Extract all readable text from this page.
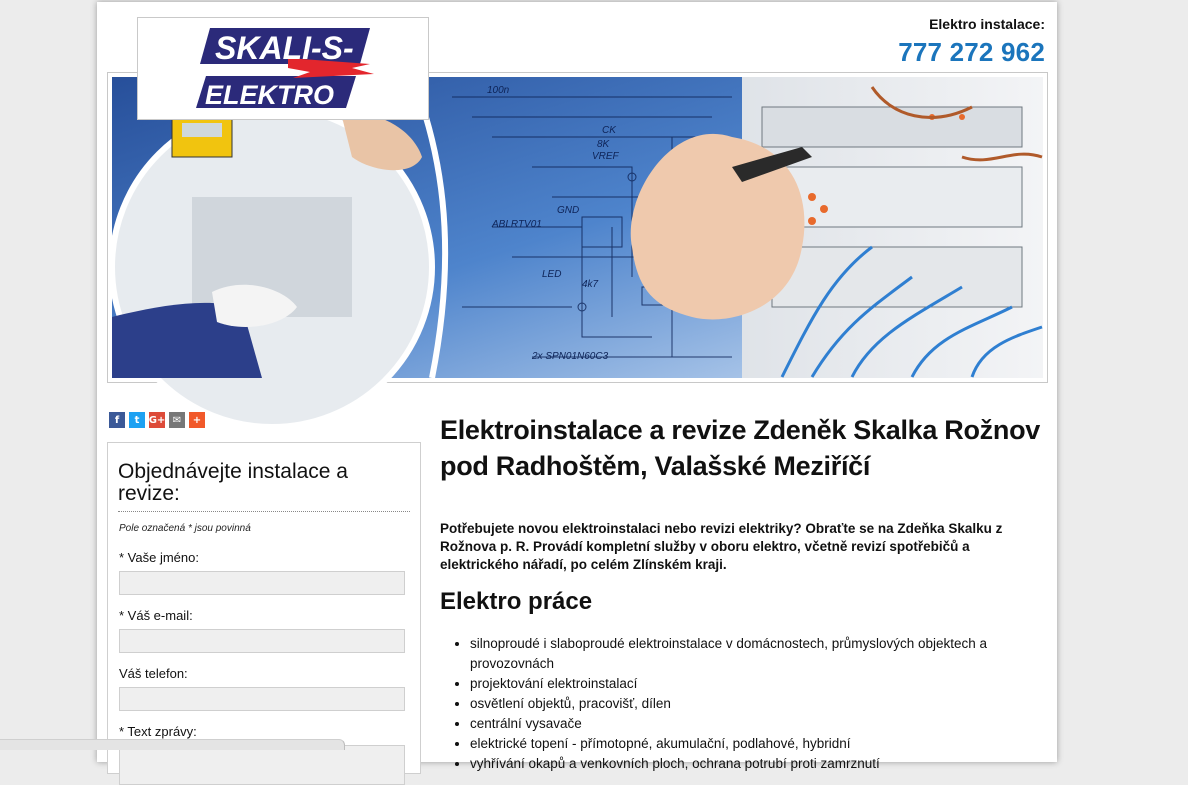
Elektro instalace:
777 272 962
100n
CK
8K
VREF
GND
ABLRTV01
LED
4k7
2x SPN01N60C3
SKALI-S-
ELEKTRO
f	t G+ ✉	+
Objednávejte instalace a revize:
Pole označená * jsou povinná
* Vaše jméno:
* Váš e-mail:
Váš telefon:
* Text zprávy:
Elektroinstalace a revize Zdeněk Skalka Rožnov pod Radhoštěm, Valašské Meziříčí
Potřebujete novou elektroinstalaci nebo revizi elektriky? Obraťte se na Zdeňka Skalku z Rožnova p. R. Provádí kompletní služby v oboru elektro, včetně revizí spotřebičů a elektrického nářadí, po celém Zlínském kraji.
Elektro práce
• silnoproudé i slaboproudé elektroinstalace v domácnostech, průmyslových objektech a provozovnách
• projektování elektroinstalací
• osvětlení objektů, pracovišť, dílen
• centrální vysavače
• elektrické topení - přímotopné, akumulační, podlahové, hybridní
• vyhřívání okapů a venkovních ploch, ochrana potrubí proti zamrznutí
